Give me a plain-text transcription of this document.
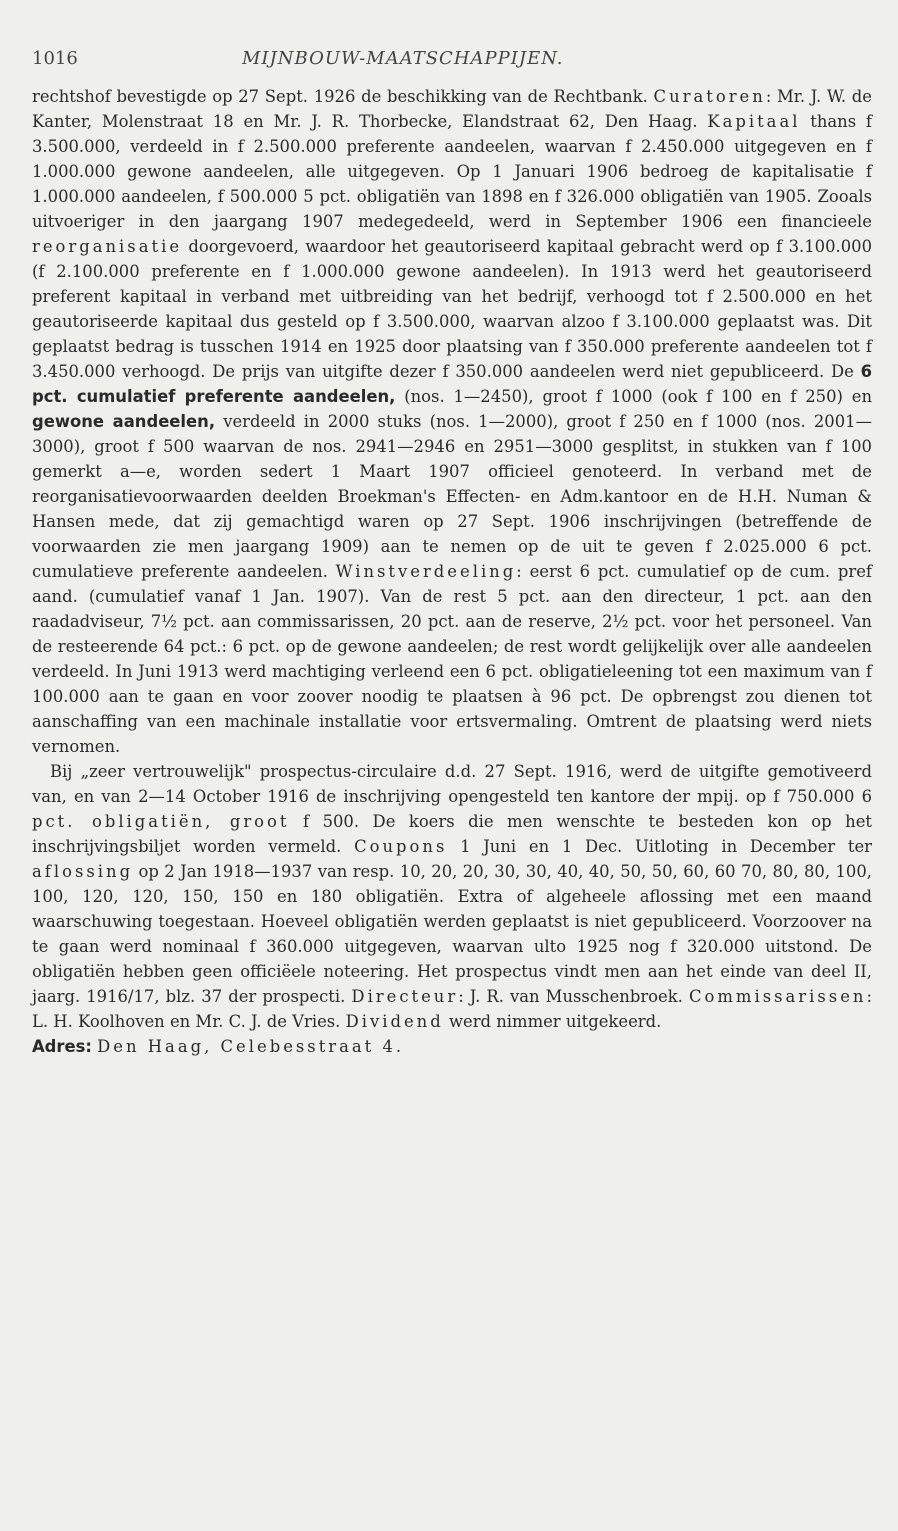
1016	MIJNBOUW-MAATSCHAPPIJEN.

rechtshof bevestigde op 27 Sept. 1926 de beschikking van de Rechtbank. Curatoren: Mr. J. W. de Kanter, Molenstraat 18 en Mr. J. R. Thorbecke, Elandstraat 62, Den Haag. Kapitaal thans f 3.500.000, verdeeld in f 2.500.000 preferente aandeelen, waarvan f 2.450.000 uitgegeven en f 1.000.000 gewone aandeelen, alle uitgegeven. Op 1 Januari 1906 bedroeg de kapitalisatie f 1.000.000 aandeelen, f 500.000 5 pct. obligatiën van 1898 en f 326.000 obligatiën van 1905. Zooals uitvoeriger in den jaargang 1907 medegedeeld, werd in September 1906 een financieele reorganisatie doorgevoerd, waardoor het geautoriseerd kapitaal gebracht werd op f 3.100.000 (f 2.100.000 preferente en f 1.000.000 gewone aandeelen). In 1913 werd het geautoriseerd preferent kapitaal in verband met uitbreiding van het bedrijf, verhoogd tot f 2.500.000 en het geautoriseerde kapitaal dus gesteld op f 3.500.000, waarvan alzoo f 3.100.000 geplaatst was. Dit geplaatst bedrag is tusschen 1914 en 1925 door plaatsing van f 350.000 preferente aandeelen tot f 3.450.000 verhoogd. De prijs van uitgifte dezer f 350.000 aandeelen werd niet gepubliceerd. De 6 pct. cumulatief preferente aandeelen, (nos. 1—2450), groot f 1000 (ook f 100 en f 250) en gewone aandeelen, verdeeld in 2000 stuks (nos. 1—2000), groot f 250 en f 1000 (nos. 2001—3000), groot f 500 waarvan de nos. 2941—2946 en 2951—3000 gesplitst, in stukken van f 100 gemerkt a—e, worden sedert 1 Maart 1907 officieel genoteerd. In verband met de reorganisatievoorwaarden deelden Broekman's Effecten- en Adm.kantoor en de H.H. Numan & Hansen mede, dat zij gemachtigd waren op 27 Sept. 1906 inschrijvingen (betreffende de voorwaarden zie men jaargang 1909) aan te nemen op de uit te geven f 2.025.000 6 pct. cumulatieve preferente aandeelen. Winstverdeeling: eerst 6 pct. cumulatief op de cum. pref aand. (cumulatief vanaf 1 Jan. 1907). Van de rest 5 pct. aan den directeur, 1 pct. aan den raadadviseur, 7½ pct. aan commissarissen, 20 pct. aan de reserve, 2½ pct. voor het personeel. Van de resteerende 64 pct.: 6 pct. op de gewone aandeelen; de rest wordt gelijkelijk over alle aandeelen verdeeld. In Juni 1913 werd machtiging verleend een 6 pct. obligatieleening tot een maximum van f 100.000 aan te gaan en voor zoover noodig te plaatsen à 96 pct. De opbrengst zou dienen tot aanschaffing van een machinale installatie voor ertsvermaling. Omtrent de plaatsing werd niets vernomen.

Bij „zeer vertrouwelijk" prospectus-circulaire d.d. 27 Sept. 1916, werd de uitgifte gemotiveerd van, en van 2—14 October 1916 de inschrijving opengesteld ten kantore der mpij. op f 750.000 6 pct. obligatiën, groot f 500. De koers die men wenschte te besteden kon op het inschrijvingsbiljet worden vermeld. Coupons 1 Juni en 1 Dec. Uitloting in December ter aflossing op 2 Jan 1918—1937 van resp. 10, 20, 20, 30, 30, 40, 40, 50, 50, 60, 60 70, 80, 80, 100, 100, 120, 120, 150, 150 en 180 obligatiën. Extra of algeheele aflossing met een maand waarschuwing toegestaan. Hoeveel obligatiën werden geplaatst is niet gepubliceerd. Voorzoover na te gaan werd nominaal f 360.000 uitgegeven, waarvan ulto 1925 nog f 320.000 uitstond. De obligatiën hebben geen officiëele noteering. Het prospectus vindt men aan het einde van deel II, jaarg. 1916/17, blz. 37 der prospecti. Directeur: J. R. van Musschenbroek. Commissarissen: L. H. Koolhoven en Mr. C. J. de Vries. Dividend werd nimmer uitgekeerd.

Adres: Den Haag, Celebesstraat 4.
